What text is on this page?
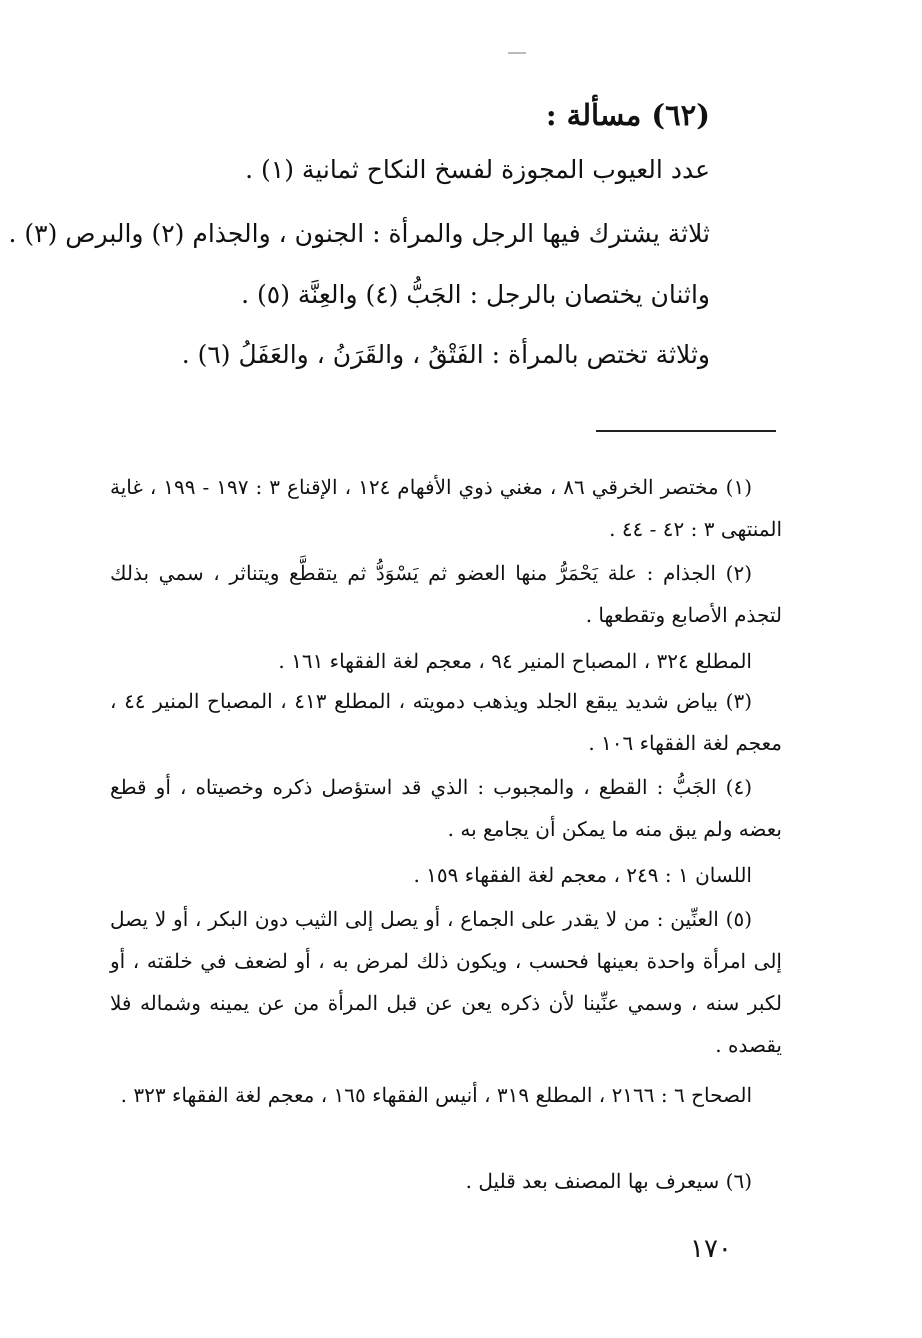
(٦٢) مسألة :
عدد العيوب المجوزة لفسخ النكاح ثمانية (١) .
ثلاثة يشترك فيها الرجل والمرأة : الجنون ، والجذام (٢) والبرص (٣) .
واثنان يختصان بالرجل : الجَبُّ (٤) والعِنَّة (٥) .
وثلاثة تختص بالمرأة : الفَتْقُ ، والقَرَنُ ، والعَفَلُ (٦) .
(١) مختصر الخرقي ٨٦ ، مغني ذوي الأفهام ١٢٤ ، الإقناع ٣ : ١٩٧ - ١٩٩ ، غاية المنتهى ٣ : ٤٢ - ٤٤ .
(٢) الجذام : علة يَحْمَرُّ منها العضو ثم يَسْوَدُّ ثم يتقطَّع ويتناثر ، سمي بذلك لتجذم الأصابع وتقطعها .
المطلع ٣٢٤ ، المصباح المنير ٩٤ ، معجم لغة الفقهاء ١٦١ .
(٣) بياض شديد يبقع الجلد ويذهب دمويته ، المطلع ٤١٣ ، المصباح المنير ٤٤ ، معجم لغة الفقهاء ١٠٦ .
(٤) الجَبُّ : القطع ، والمجبوب : الذي قد استؤصل ذكره وخصيتاه ، أو قطع بعضه ولم يبق منه ما يمكن أن يجامع به .
اللسان ١ : ٢٤٩ ، معجم لغة الفقهاء ١٥٩ .
(٥) العنِّين : من لا يقدر على الجماع ، أو يصل إلى الثيب دون البكر ، أو لا يصل إلى امرأة واحدة بعينها فحسب ، ويكون ذلك لمرض به ، أو لضعف في خلقته ، أو لكبر سنه ، وسمي عنِّينا لأن ذكره يعن عن قبل المرأة من عن يمينه وشماله فلا يقصده .
الصحاح ٦ : ٢١٦٦ ، المطلع ٣١٩ ، أنيس الفقهاء ١٦٥ ، معجم لغة الفقهاء ٣٢٣ .
(٦) سيعرف بها المصنف بعد قليل .
١٧٠
